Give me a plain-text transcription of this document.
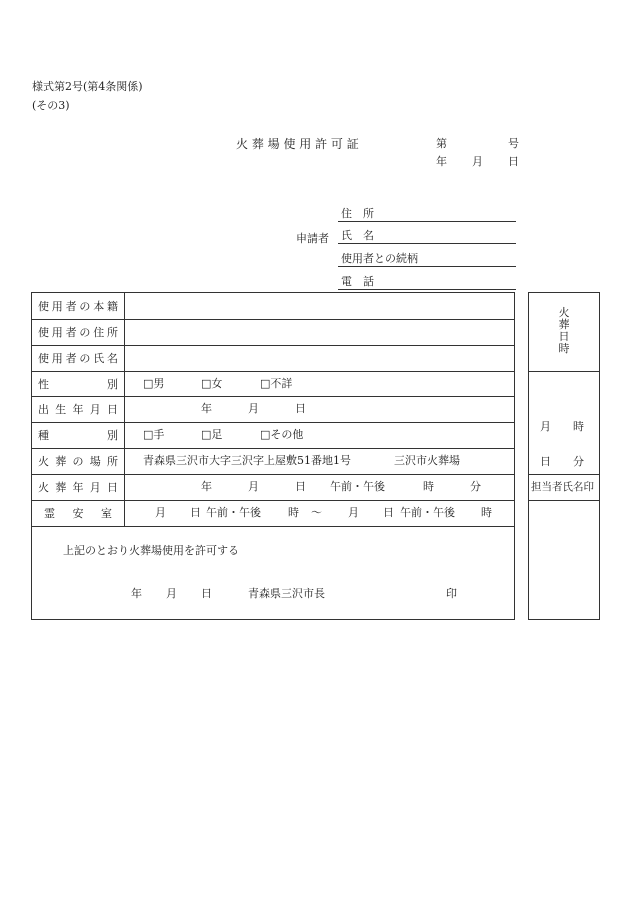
様式第2号(第4条関係)
(その3)
火 葬 場 使 用 許 可 証	第	号
年 月 日
申請者
住　所
氏　名
使用者との続柄
電　話
使 用 者 の 本 籍
使 用 者 の 住 所
使 用 者 の 氏 名
性	別 □男	□女	□不詳
出 生 年 月 日	年	月	日
種	別 □手	□足	□その他
火 葬 の 場 所 青森県三沢市大字三沢字上屋敷51番地1号	三沢市火葬場
火 葬 年 月 日	年	月	日 午前・午後	時	分
霊 安 室	月 日 午前・午後 時 ～ 月 日 午前・午後 時
上記のとおり火葬場使用を許可する
年 月 日	青森県三沢市長	印
火
葬
日
時
月 時
日 分
担当者氏名印
